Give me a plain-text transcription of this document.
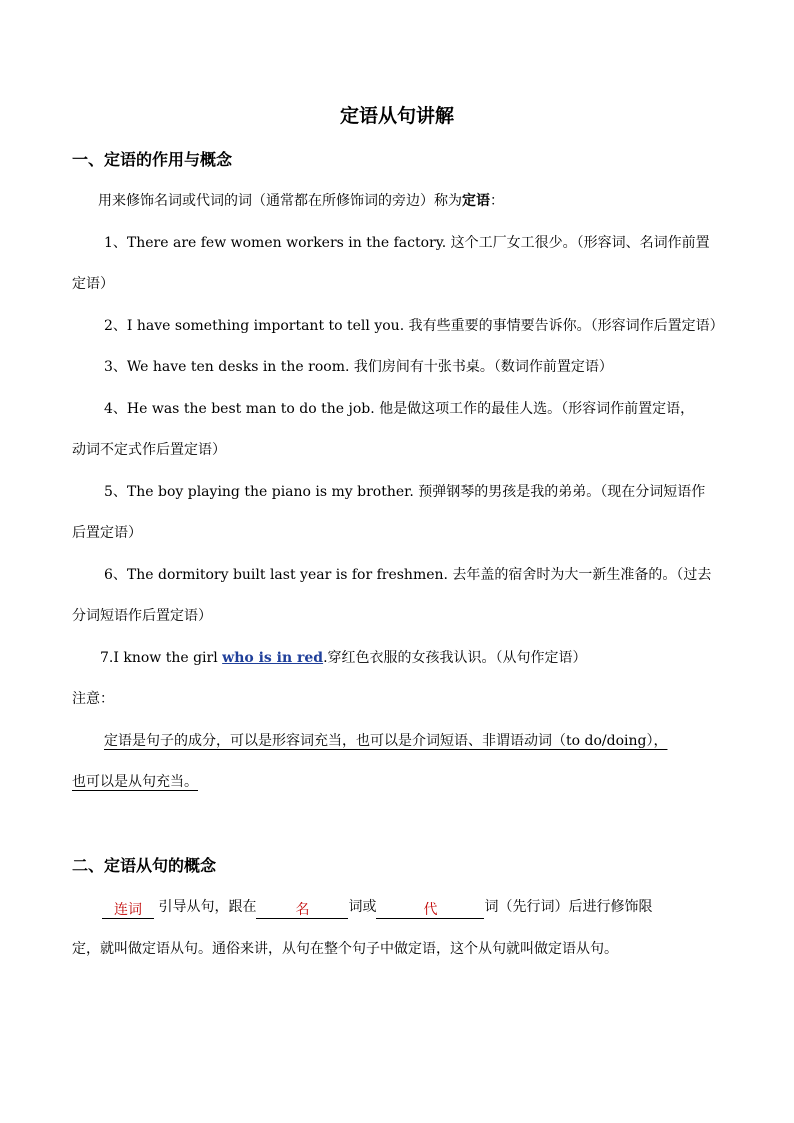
定语从句讲解
一、定语的作用与概念
用来修饰名词或代词的词（通常都在所修饰词的旁边）称为定语：
1、There are few women workers in the factory. 这个工厂女工很少。（形容词、名词作前置
定语）
2、I have something important to tell you. 我有些重要的事情要告诉你。（形容词作后置定语）
3、We have ten desks in the room. 我们房间有十张书桌。（数词作前置定语）
4、He was the best man to do the job. 他是做这项工作的最佳人选。（形容词作前置定语，
动词不定式作后置定语）
5、The boy playing the piano is my brother. 预弹钢琴的男孩是我的弟弟。（现在分词短语作
后置定语）
6、The dormitory built last year is for freshmen. 去年盖的宿舍时为大一新生准备的。（过去
分词短语作后置定语）
7.I know the girl who is in red.穿红色衣服的女孩我认识。（从句作定语）
注意：
定语是句子的成分，可以是形容词充当，也可以是介词短语、非谓语动词（to do/doing），
也可以是从句充当。
二、定语从句的概念
连词 引导从句，跟在	名	词或	代	词（先行词）后进行修饰限
定，就叫做定语从句。通俗来讲，从句在整个句子中做定语，这个从句就叫做定语从句。
